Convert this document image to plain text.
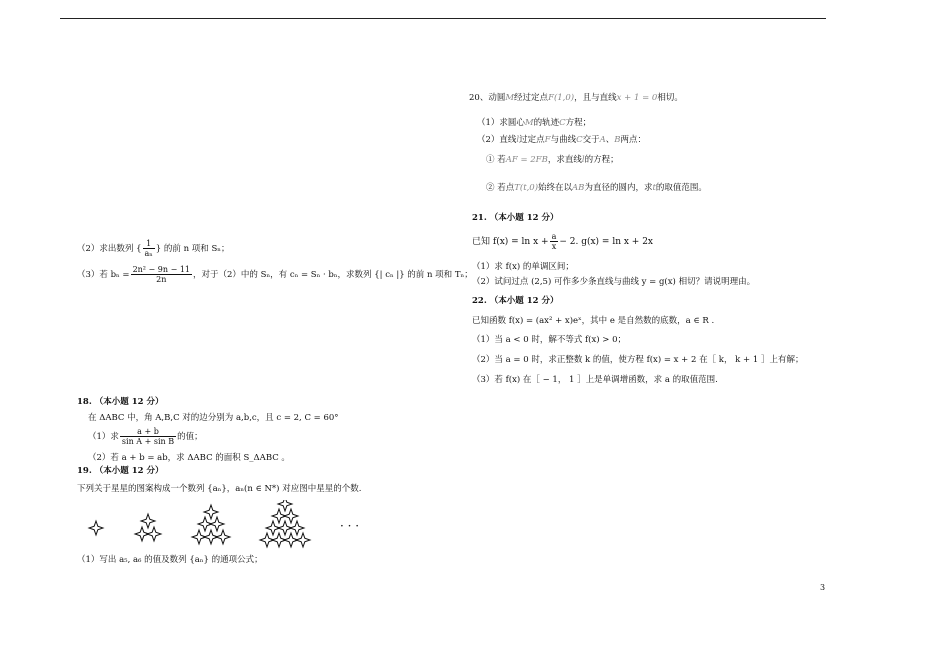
20、动圆M经过定点F(1,0)，且与直线x + 1 = 0相切。
（1）求圆心M的轨迹C方程；
（2）直线l过定点F与曲线C交于A、B两点：
① 若AF = 2FB，求直线l的方程；
② 若点T(t,0)始终在以AB为直径的圆内，求t的取值范围。
21. （本小题 12 分）
已知 $f(x) = \ln x + \frac{a}{x} - 2$. g(x) = ln x + 2x
（1）求 f(x) 的单调区间；
（2）试问过点 (2,5) 可作多少条直线与曲线 y = g(x) 相切？请说明理由。
22. （本小题 12 分）
已知函数 f(x) = (ax² + x)eˣ，其中 e 是自然数的底数，a ∈ R .
（1）当 a < 0 时，解不等式 f(x) > 0；
（2）当 a = 0 时，求正整数 k 的值，使方程 f(x) = x + 2 在［ k， k + 1 ］上有解；
（3）若 f(x) 在［ − 1， 1 ］上是单调增函数，求 a 的取值范围.
（2）求出数列 { $\frac{1}{\text{aₙ}}$ } 的前 n 项和 Sₙ；
（3）若 $b_n = \frac{\text{2n² − 9n − 11}}{2n}$ ，对于（2）中的 Sₙ，有 cₙ = Sₙ · bₙ，求数列 {| cₙ |} 的前 n 项和 Tₙ；
18. （本小题 12 分）
在 ΔABC 中，角 A,B,C 对的边分别为 a,b,c，且 c = 2, C = 60°
（1）求 $\frac{a + b}{\text{sin A + sin B}}$ 的值；
（2）若 a + b = ab，求 ΔABC 的面积 S_ΔABC 。
19. （本小题 12 分）
下列关于星星的图案构成一个数列 {aₙ}，aₙ(n ∈ N*) 对应图中星星的个数.
· · ·
（1）写出 a₅, a₆ 的值及数列 {aₙ} 的通项公式；
3
